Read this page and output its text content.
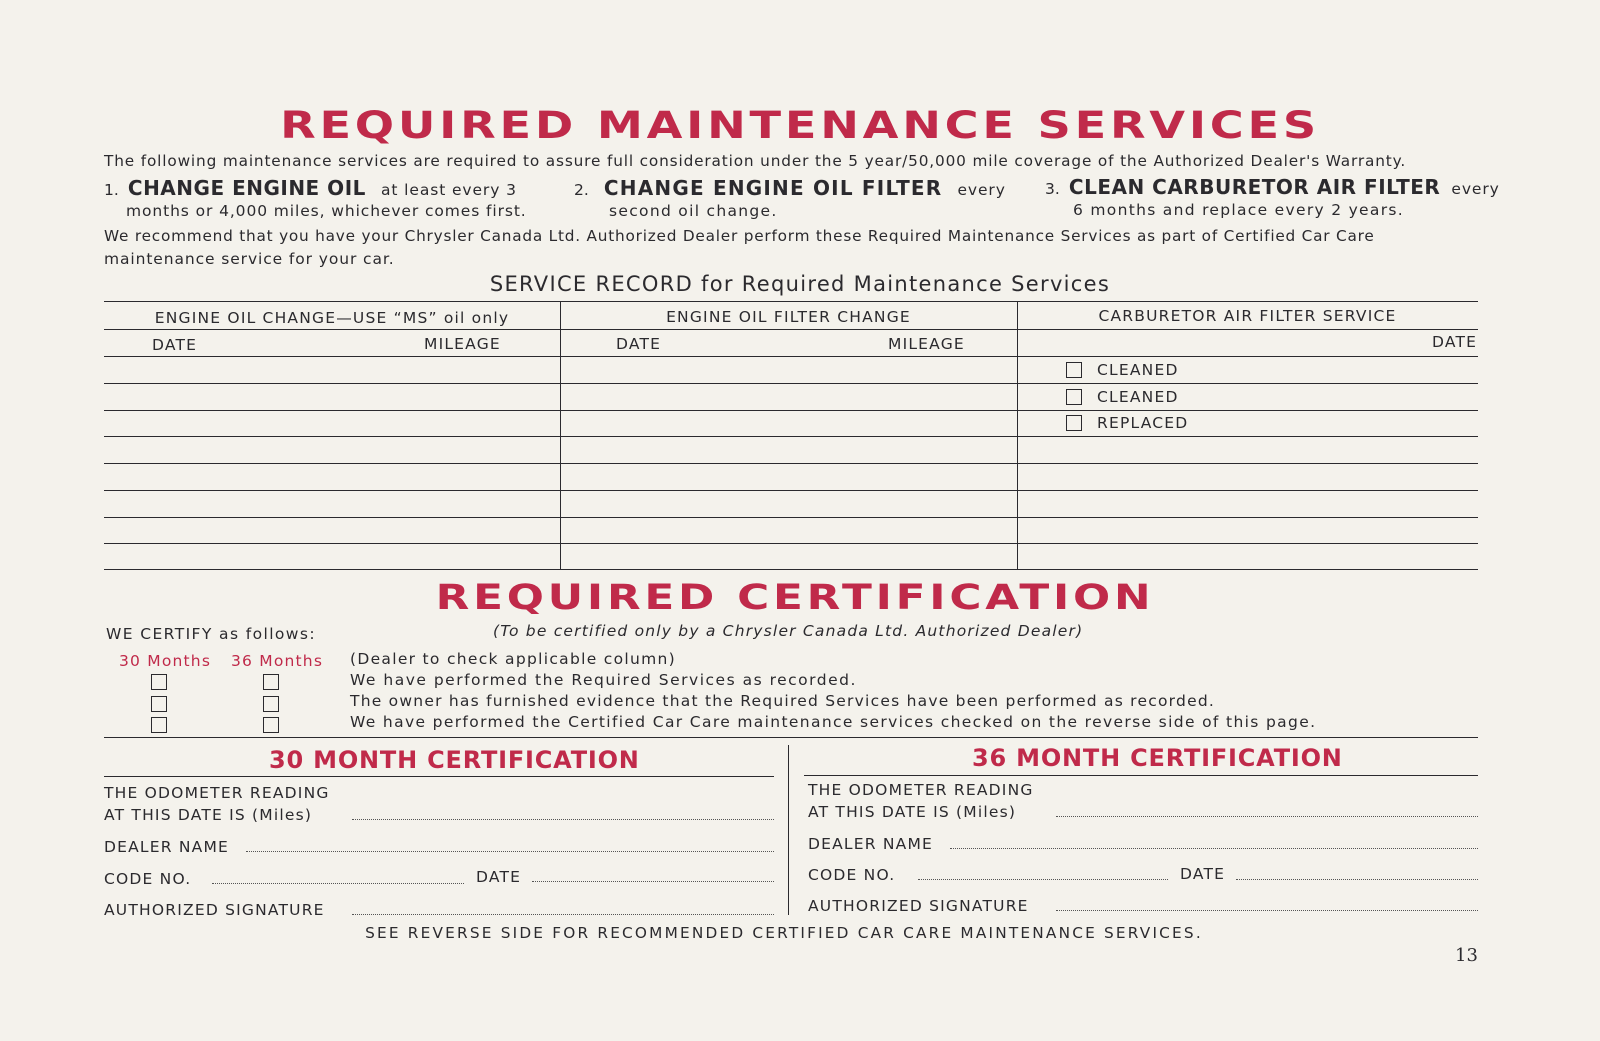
REQUIRED MAINTENANCE SERVICES
The following maintenance services are required to assure full consideration under the 5 year/50,000 mile coverage of the Authorized Dealer's Warranty.
1. CHANGE ENGINE OIL at least every 3
months or 4,000 miles, whichever comes first.
2. CHANGE ENGINE OIL FILTER every
second oil change.
3. CLEAN CARBURETOR AIR FILTER every
6 months and replace every 2 years.
We recommend that you have your Chrysler Canada Ltd. Authorized Dealer perform these Required Maintenance Services as part of Certified Car Care
maintenance service for your car.
SERVICE RECORD for Required Maintenance Services
ENGINE OIL CHANGE—USE “MS” oil only	ENGINE OIL FILTER CHANGE	CARBURETOR AIR FILTER SERVICE
DATE	MILEAGE	DATE	MILEAGE	DATE
CLEANED
CLEANED
REPLACED
REQUIRED CERTIFICATION
WE CERTIFY as follows:	(To be certified only by a Chrysler Canada Ltd. Authorized Dealer)
30 Months 36 Months (Dealer to check applicable column)
We have performed the Required Services as recorded.
The owner has furnished evidence that the Required Services have been performed as recorded.
We have performed the Certified Car Care maintenance services checked on the reverse side of this page.
30 MONTH CERTIFICATION
THE ODOMETER READING
AT THIS DATE IS (Miles)
DEALER NAME
CODE NO.	DATE
AUTHORIZED SIGNATURE
36 MONTH CERTIFICATION
THE ODOMETER READING
AT THIS DATE IS (Miles)
DEALER NAME
CODE NO.	DATE
AUTHORIZED SIGNATURE
SEE REVERSE SIDE FOR RECOMMENDED CERTIFIED CAR CARE MAINTENANCE SERVICES.
13
